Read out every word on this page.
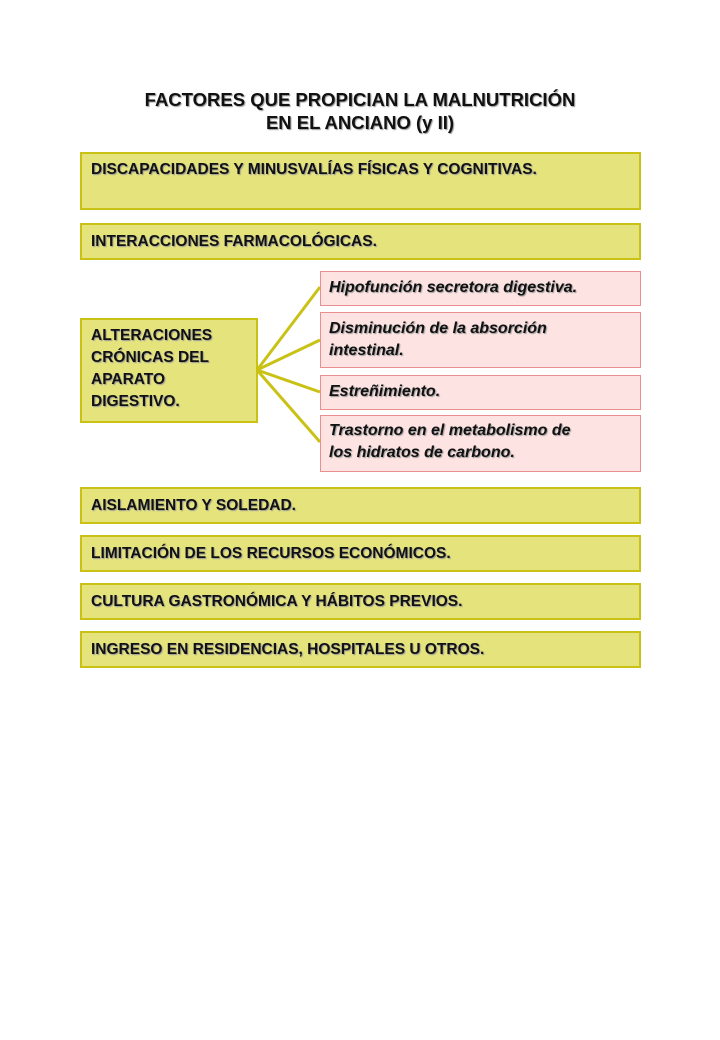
FACTORES QUE PROPICIAN LA MALNUTRICIÓN
EN EL ANCIANO (y II)
DISCAPACIDADES Y MINUSVALÍAS FÍSICAS Y COGNITIVAS.
INTERACCIONES FARMACOLÓGICAS.
ALTERACIONES
CRÓNICAS DEL
APARATO
DIGESTIVO.
Hipofunción secretora digestiva.
Disminución de la absorción
intestinal.
Estreñimiento.
Trastorno en el metabolismo de
los hidratos de carbono.
AISLAMIENTO Y SOLEDAD.
LIMITACIÓN DE LOS RECURSOS ECONÓMICOS.
CULTURA GASTRONÓMICA Y HÁBITOS PREVIOS.
INGRESO EN RESIDENCIAS, HOSPITALES U OTROS.
